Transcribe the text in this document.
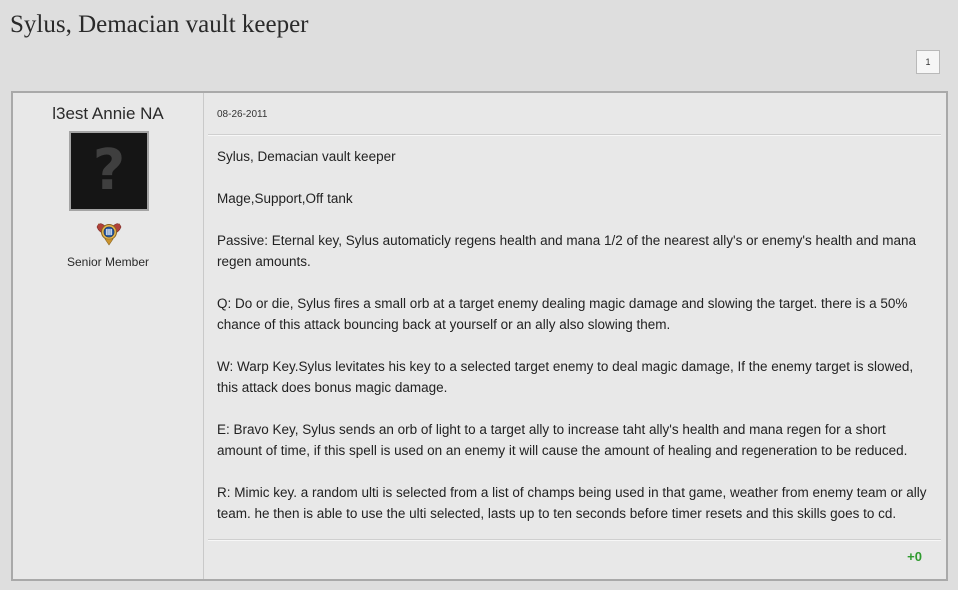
Sylus, Demacian vault keeper
1
l3est Annie NA
?
Senior Member
08-26-2011

Sylus, Demacian vault keeper

Mage,Support,Off tank

Passive: Eternal key, Sylus automaticly regens health and mana 1/2 of the nearest ally's or enemy's health and mana regen amounts.

Q: Do or die, Sylus fires a small orb at a target enemy dealing magic damage and slowing the target. there is a 50% chance of this attack bouncing back at yourself or an ally also slowing them.

W: Warp Key.Sylus levitates his key to a selected target enemy to deal magic damage, If the enemy target is slowed, this attack does bonus magic damage.

E: Bravo Key, Sylus sends an orb of light to a target ally to increase taht ally's health and mana regen for a short amount of time, if this spell is used on an enemy it will cause the amount of healing and regeneration to be reduced.

R: Mimic key. a random ulti is selected from a list of champs being used in that game, weather from enemy team or ally team. he then is able to use the ulti selected, lasts up to ten seconds before timer resets and this skills goes to cd.

+0
